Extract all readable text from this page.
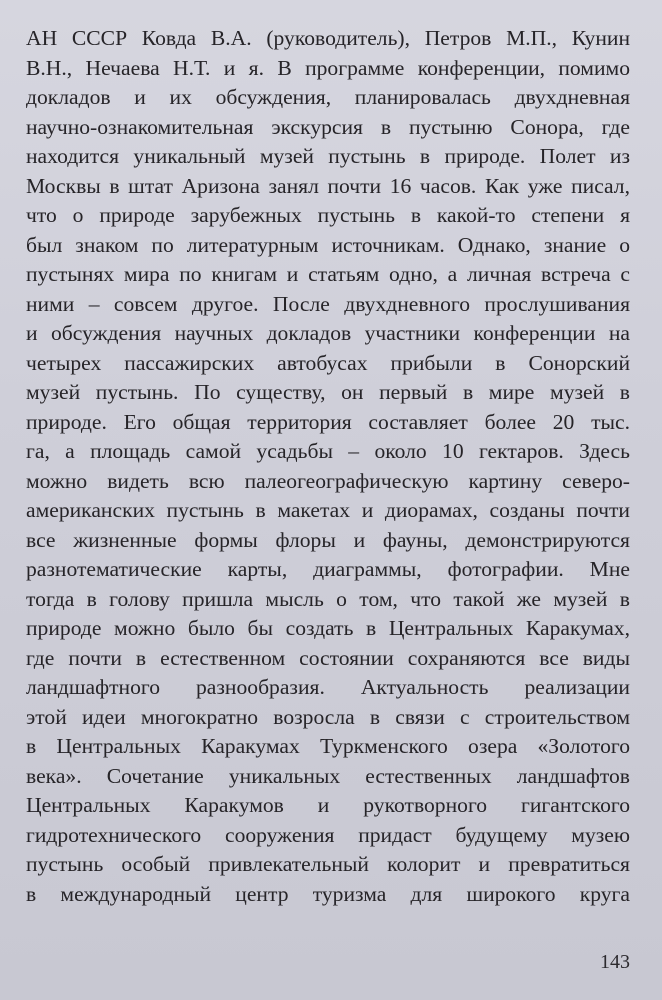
АН СССР Ковда В.А. (руководитель), Петров М.П., Кунин
В.Н., Нечаева Н.Т. и я. В программе конференции, помимо
докладов и их обсуждения, планировалась двухдневная
научно-ознакомительная экскурсия в пустыню Сонора, где
находится уникальный музей пустынь в природе. Полет из
Москвы в штат Аризона занял почти 16 часов. Как уже писал,
что о природе зарубежных пустынь в какой-то степени я
был знаком по литературным источникам. Однако, знание о
пустынях мира по книгам и статьям одно, а личная встреча с
ними – совсем другое. После двухдневного прослушивания
и обсуждения научных докладов участники конференции на
четырех пассажирских автобусах прибыли в Сонорский
музей пустынь. По существу, он первый в мире музей в
природе. Его общая территория составляет более 20 тыс.
га, а площадь самой усадьбы – около 10 гектаров. Здесь
можно видеть всю палеогеографическую картину северо-
американских пустынь в макетах и диорамах, созданы почти
все жизненные формы флоры и фауны, демонстрируются
разнотематические карты, диаграммы, фотографии. Мне
тогда в голову пришла мысль о том, что такой же музей в
природе можно было бы создать в Центральных Каракумах,
где почти в естественном состоянии сохраняются все виды
ландшафтного разнообразия. Актуальность реализации
этой идеи многократно возросла в связи с строительством
в Центральных Каракумах Туркменского озера «Золотого
века». Сочетание уникальных естественных ландшафтов
Центральных Каракумов и рукотворного гигантского
гидротехнического сооружения придаст будущему музею
пустынь особый привлекательный колорит и превратиться
в международный центр туризма для широкого круга
143
